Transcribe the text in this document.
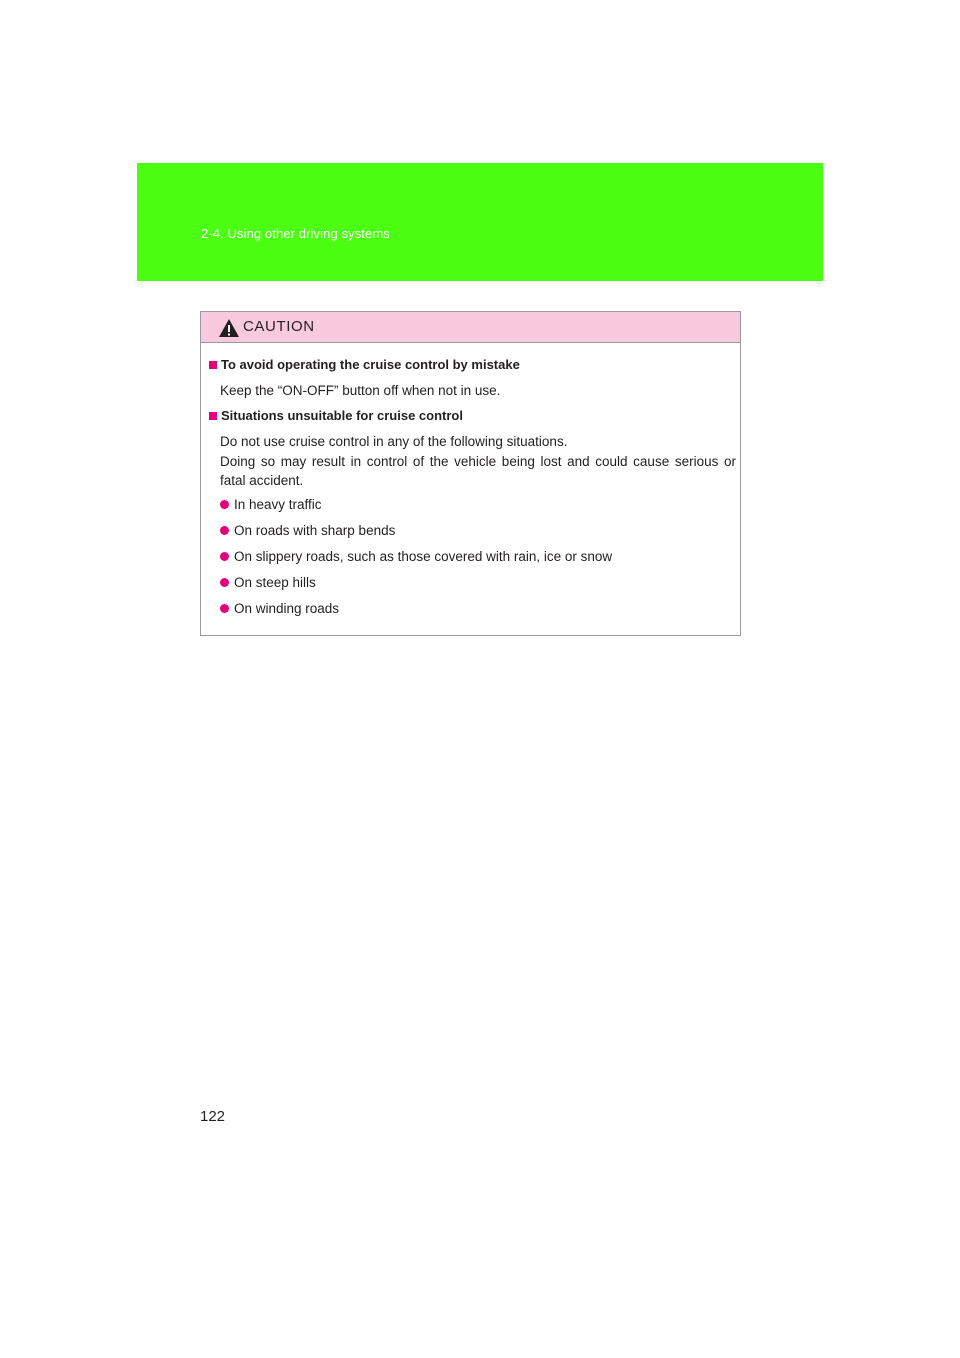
2-4. Using other driving systems
CAUTION
To avoid operating the cruise control by mistake
Keep the “ON-OFF” button off when not in use.
Situations unsuitable for cruise control
Do not use cruise control in any of the following situations.
Doing so may result in control of the vehicle being lost and could cause serious or fatal accident.
In heavy traffic
On roads with sharp bends
On slippery roads, such as those covered with rain, ice or snow
On steep hills
On winding roads
122
